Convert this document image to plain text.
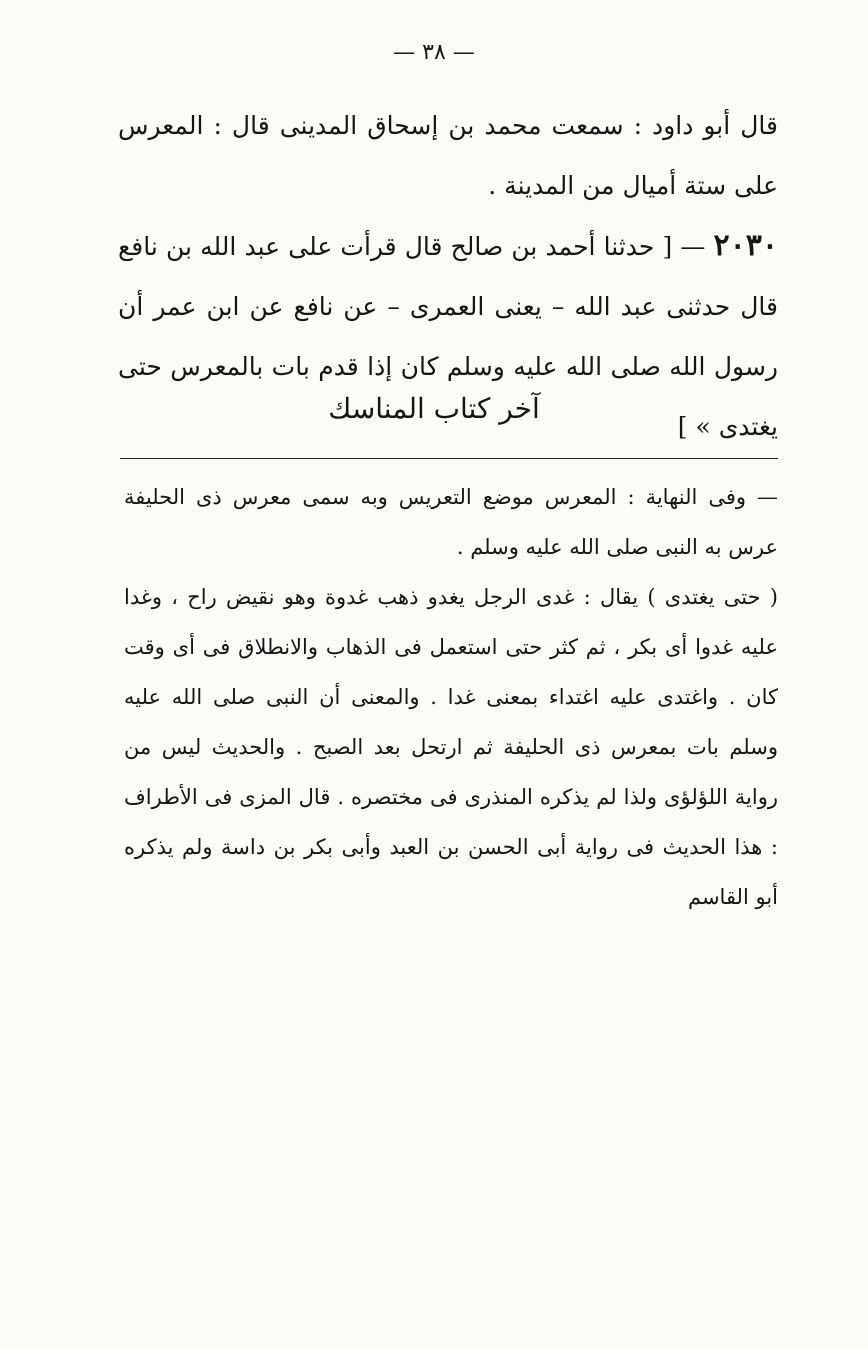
— ٣٨ —

قال أبو داود : سمعت محمد بن إسحاق المدينى قال : المعرس على ستة أميال من المدينة .

٢٠٣٠ — [ حدثنا أحمد بن صالح قال قرأت على عبد الله بن نافع قال حدثنى عبد الله – يعنى العمرى – عن نافع عن ابن عمر أن رسول الله صلى الله عليه وسلم كان إذا قدم بات بالمعرس حتى يغتدى » ]

آخر كتاب المناسك

— وفى النهاية : المعرس موضع التعريس وبه سمى معرس ذى الحليفة عرس به النبى صلى الله عليه وسلم .

( حتى يغتدى ) يقال : غدى الرجل يغدو ذهب غدوة وهو نقيض راح ، وغدا عليه غدوا أى بكر ، ثم كثر حتى استعمل فى الذهاب والانطلاق فى أى وقت كان . واغتدى عليه اغتداء بمعنى غدا . والمعنى أن النبى صلى الله عليه وسلم بات بمعرس ذى الحليفة ثم ارتحل بعد الصبح . والحديث ليس من رواية اللؤلؤى ولذا لم يذكره المنذرى فى مختصره . قال المزى فى الأطراف : هذا الحديث فى رواية أبى الحسن بن العبد وأبى بكر بن داسة ولم يذكره أبو القاسم
